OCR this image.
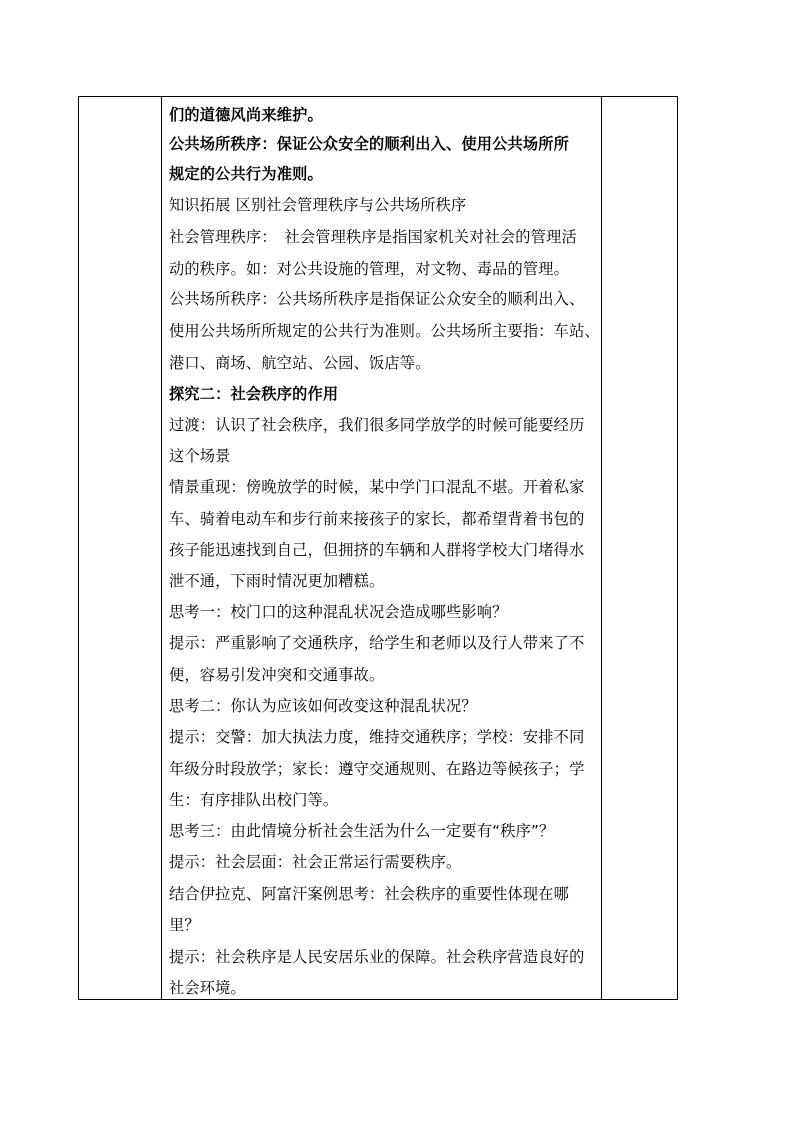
们的道德风尚来维护。
公共场所秩序：保证公众安全的顺利出入、使用公共场所所
规定的公共行为准则。
知识拓展 区别社会管理秩序与公共场所秩序
社会管理秩序：　社会管理秩序是指国家机关对社会的管理活
动的秩序。如：对公共设施的管理，对文物、毒品的管理。
公共场所秩序：公共场所秩序是指保证公众安全的顺利出入、
使用公共场所所规定的公共行为准则。公共场所主要指：车站、
港口、商场、航空站、公园、饭店等。
探究二：社会秩序的作用
过渡：认识了社会秩序，我们很多同学放学的时候可能要经历
这个场景
情景重现：傍晚放学的时候，某中学门口混乱不堪。开着私家
车、骑着电动车和步行前来接孩子的家长，都希望背着书包的
孩子能迅速找到自己，但拥挤的车辆和人群将学校大门堵得水
泄不通，下雨时情况更加糟糕。
思考一：校门口的这种混乱状况会造成哪些影响？
提示：严重影响了交通秩序，给学生和老师以及行人带来了不
便，容易引发冲突和交通事故。
思考二：你认为应该如何改变这种混乱状况？
提示：交警：加大执法力度，维持交通秩序；学校：安排不同
年级分时段放学；家长：遵守交通规则、在路边等候孩子；学
生：有序排队出校门等。
思考三：由此情境分析社会生活为什么一定要有“秩序”？
提示：社会层面：社会正常运行需要秩序。
结合伊拉克、阿富汗案例思考：社会秩序的重要性体现在哪
里？
提示：社会秩序是人民安居乐业的保障。社会秩序营造良好的
社会环境。
